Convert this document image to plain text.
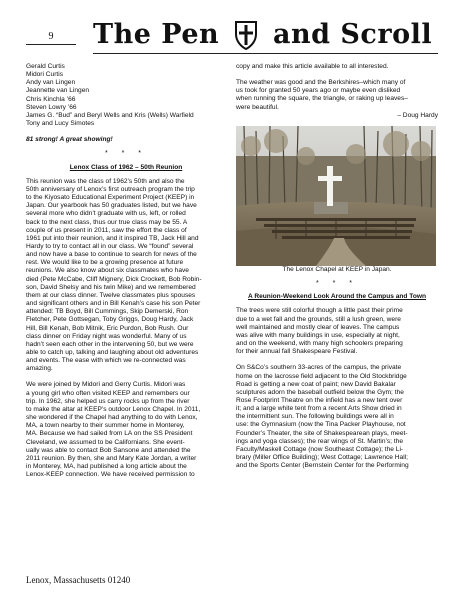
9	The Pen and Scroll

Gerald Curtis

Midori Curtis

Andy van Lingen

Jeannette van Lingen

Chris Kinchla ’66

Steven Lowry ’66

James G. “Bud” and Beryl Wells and Kris (Wells) Warfield

Tony and Lucy Simotes

81 strong! A great showing!

* * *
Lenox Class of 1962 – 50th Reunion

This reunion was the class of 1962’s 50th and also the

50th anniversary of Lenox’s first outreach program the trip

to the Kiyosato Educational Experiment Project (KEEP) in

Japan. Our yearbook has 50 graduates listed, but we have

several more who didn’t graduate with us, left, or rolled

back to the next class, thus our true class may be 55. A

couple of us present in 2011, saw the effort the class of

1961 put into their reunion, and it inspired TB, Jack Hill and

Hardy to try to contact all in our class. We “found” several

and now have a base to continue to search for news of the

rest. We would like to be a growing presence at future

reunions. We also know about six classmates who have

died (Pete McCabe, Cliff Mignery, Dick Crockett, Bob Robin-

son, David Shelsy and his twin Mike) and we remembered

them at our class dinner. Twelve classmates plus spouses

and significant others and in Bill Kenah’s case his son Peter

attended: TB Boyd, Bill Cummings, Skip Demerski, Ron

Fletcher, Pete Gottsegan, Toby Griggs, Doug Hardy, Jack

Hill, Bill Kenah, Bob Mitnik, Eric Purdon, Bob Rush. Our

class dinner on Friday night was wonderful. Many of us

hadn’t seen each other in the intervening 50, but we were

able to catch up, talking and laughing about old adventures

and events. The ease with which we re-connected was

amazing.

We were joined by Midori and Gerry Curtis. Midori was

a young girl who often visited KEEP and remembers our

trip. In 1962, she helped us carry rocks up from the river

to make the altar at KEEP’s outdoor Lenox Chapel. In 2011,

she wondered if the Chapel had anything to do with Lenox,

MA, a town nearby to their summer home in Monterey,

MA. Because we had sailed from LA on the SS President

Cleveland, we assumed to be Californians. She event-

ually was able to contact Bob Sansone and attended the

2011 reunion. By then, she and Mary Kate Jordan, a writer

in Monterey, MA, had published a long article about the

Lenox-KEEP connection. We have received permission to

copy and make this article available to all interested.

The weather was good and the Berkshires–which many of

us took for granted 50 years ago or maybe even disliked

when running the square, the triangle, or raking up leaves–

were beautiful.

– Doug Hardy

The Lenox Chapel at KEEP in Japan.

* * *
A Reunion-Weekend Look Around the Campus and Town

The trees were still colorful though a little past their prime

due to a wet fall and the grounds, still a lush green, were

well maintained and mostly clear of leaves. The campus

was alive with many buildings in use, especially at night,

and on the weekend, with many high schoolers preparing

for their annual fall Shakespeare Festival.

On S&Co’s southern 33-acres of the campus, the private

home on the lacrosse field adjacent to the Old Stockbridge

Road is getting a new coat of paint; new David Bakalar

sculptures adorn the baseball outfield below the Gym; the

Rose Footprint Theatre on the infield has a new tent over

it; and a large white tent from a recent Arts Show dried in

the intermittent sun. The following buildings were all in

use: the Gymnasium (now the Tina Packer Playhouse, not

Founder’s Theater, the site of Shakespearean plays, meet-

ings and yoga classes); the rear wings of St. Martin’s; the

Faculty/Maskell Cottage (now Southeast Cottage); the Li-

brary (Miller Office Building); West Cottage; Lawrence Hall;

and the Sports Center (Bernstein Center for the Performing

Lenox, Massachusetts 01240
